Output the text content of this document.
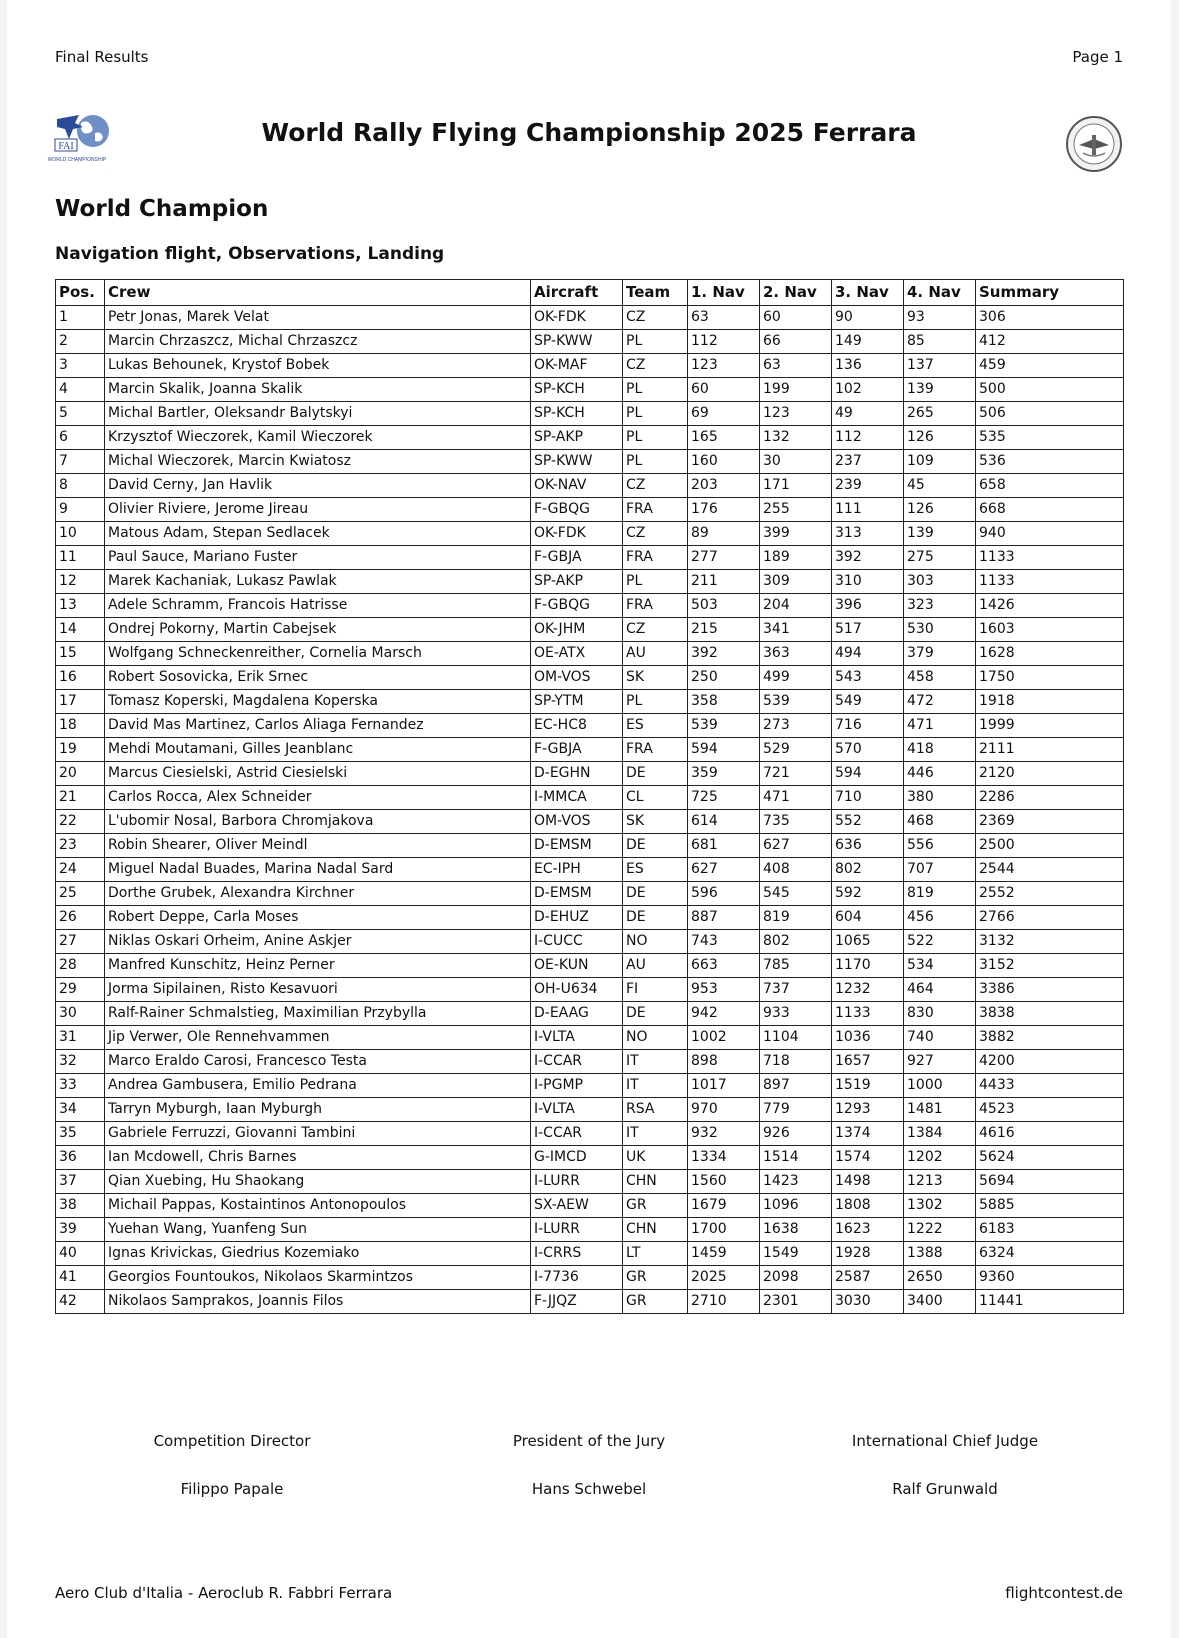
Final Results	Page 1
FAI
WORLD CHAMPIONSHIP
World Rally Flying Championship 2025 Ferrara
World Champion
Navigation flight, Observations, Landing
Pos.	Crew	Aircraft	Team	1. Nav	2. Nav	3. Nav	4. Nav	Summary
1	Petr Jonas, Marek Velat	OK-FDK	CZ	63	60	90	93	306
2	Marcin Chrzaszcz, Michal Chrzaszcz	SP-KWW	PL	112	66	149	85	412
3	Lukas Behounek, Krystof Bobek	OK-MAF	CZ	123	63	136	137	459
4	Marcin Skalik, Joanna Skalik	SP-KCH	PL	60	199	102	139	500
5	Michal Bartler, Oleksandr Balytskyi	SP-KCH	PL	69	123	49	265	506
6	Krzysztof Wieczorek, Kamil Wieczorek	SP-AKP	PL	165	132	112	126	535
7	Michal Wieczorek, Marcin Kwiatosz	SP-KWW	PL	160	30	237	109	536
8	David Cerny, Jan Havlik	OK-NAV	CZ	203	171	239	45	658
9	Olivier Riviere, Jerome Jireau	F-GBQG	FRA	176	255	111	126	668
10	Matous Adam, Stepan Sedlacek	OK-FDK	CZ	89	399	313	139	940
11	Paul Sauce, Mariano Fuster	F-GBJA	FRA	277	189	392	275	1133
12	Marek Kachaniak, Lukasz Pawlak	SP-AKP	PL	211	309	310	303	1133
13	Adele Schramm, Francois Hatrisse	F-GBQG	FRA	503	204	396	323	1426
14	Ondrej Pokorny, Martin Cabejsek	OK-JHM	CZ	215	341	517	530	1603
15	Wolfgang Schneckenreither, Cornelia Marsch	OE-ATX	AU	392	363	494	379	1628
16	Robert Sosovicka, Erik Srnec	OM-VOS	SK	250	499	543	458	1750
17	Tomasz Koperski, Magdalena Koperska	SP-YTM	PL	358	539	549	472	1918
18	David Mas Martinez, Carlos Aliaga Fernandez	EC-HC8	ES	539	273	716	471	1999
19	Mehdi Moutamani, Gilles Jeanblanc	F-GBJA	FRA	594	529	570	418	2111
20	Marcus Ciesielski, Astrid Ciesielski	D-EGHN	DE	359	721	594	446	2120
21	Carlos Rocca, Alex Schneider	I-MMCA	CL	725	471	710	380	2286
22	L'ubomir Nosal, Barbora Chromjakova	OM-VOS	SK	614	735	552	468	2369
23	Robin Shearer, Oliver Meindl	D-EMSM	DE	681	627	636	556	2500
24	Miguel Nadal Buades, Marina Nadal Sard	EC-IPH	ES	627	408	802	707	2544
25	Dorthe Grubek, Alexandra Kirchner	D-EMSM	DE	596	545	592	819	2552
26	Robert Deppe, Carla Moses	D-EHUZ	DE	887	819	604	456	2766
27	Niklas Oskari Orheim, Anine Askjer	I-CUCC	NO	743	802	1065	522	3132
28	Manfred Kunschitz, Heinz Perner	OE-KUN	AU	663	785	1170	534	3152
29	Jorma Sipilainen, Risto Kesavuori	OH-U634	FI	953	737	1232	464	3386
30	Ralf-Rainer Schmalstieg, Maximilian Przybylla	D-EAAG	DE	942	933	1133	830	3838
31	Jip Verwer, Ole Rennehvammen	I-VLTA	NO	1002	1104	1036	740	3882
32	Marco Eraldo Carosi, Francesco Testa	I-CCAR	IT	898	718	1657	927	4200
33	Andrea Gambusera, Emilio Pedrana	I-PGMP	IT	1017	897	1519	1000	4433
34	Tarryn Myburgh, Iaan Myburgh	I-VLTA	RSA	970	779	1293	1481	4523
35	Gabriele Ferruzzi, Giovanni Tambini	I-CCAR	IT	932	926	1374	1384	4616
36	Ian Mcdowell, Chris Barnes	G-IMCD	UK	1334	1514	1574	1202	5624
37	Qian Xuebing, Hu Shaokang	I-LURR	CHN	1560	1423	1498	1213	5694
38	Michail Pappas, Kostaintinos Antonopoulos	SX-AEW	GR	1679	1096	1808	1302	5885
39	Yuehan Wang, Yuanfeng Sun	I-LURR	CHN	1700	1638	1623	1222	6183
40	Ignas Krivickas, Giedrius Kozemiako	I-CRRS	LT	1459	1549	1928	1388	6324
41	Georgios Fountoukos, Nikolaos Skarmintzos	I-7736	GR	2025	2098	2587	2650	9360
42	Nikolaos Samprakos, Joannis Filos	F-JJQZ	GR	2710	2301	3030	3400	11441
Competition Director
Filippo Papale
President of the Jury
Hans Schwebel
International Chief Judge
Ralf Grunwald
Aero Club d'Italia - Aeroclub R. Fabbri Ferrara	flightcontest.de
